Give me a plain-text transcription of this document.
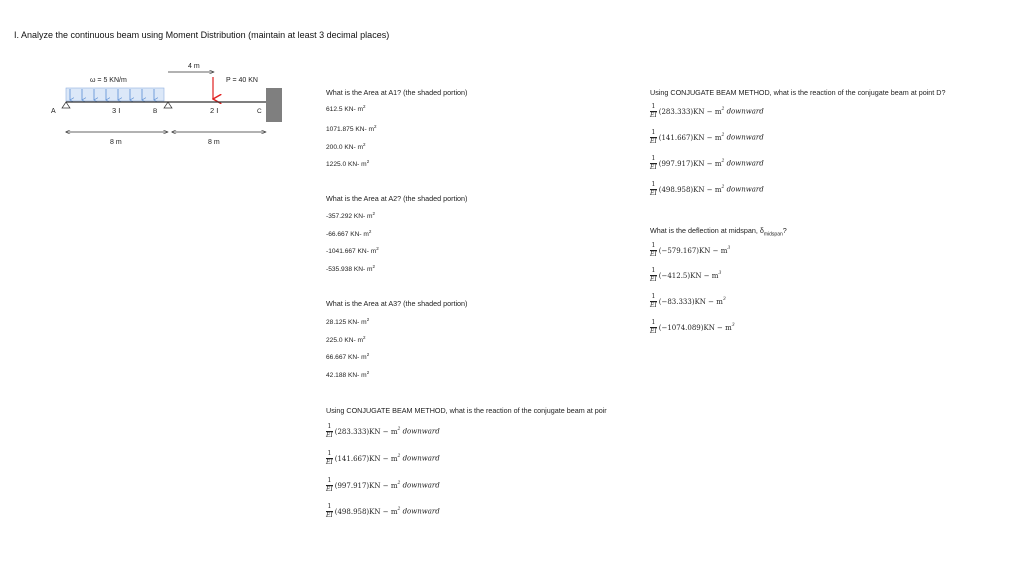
I. Analyze the continuous beam using Moment Distribution (maintain at least 3 decimal places)
ω = 5 KN/m
4 m
P = 40 KN
A	B	C
3 I	2 I
8 m	8 m
What is the Area at A1? (the shaded portion)
612.5 KN- $m^2$
1071.875 KN- $m^2$
200.0 KN- $m^2$
1225.0 KN- $m^2$
What is the Area at A2? (the shaded portion)
-357.292 KN- $m^2$
-66.667 KN- $m^2$
-1041.667 KN- $m^2$
-535.938 KN- $m^2$
What is the Area at A3? (the shaded portion)
28.125 KN- $m^2$
225.0 KN- $m^2$
66.667 KN- $m^2$
42.188 KN- $m^2$
Using CONJUGATE BEAM METHOD, what is the reaction of the conjugate beam at poir
1
EI (283.333)KN − m $^2$ downward
1
EI (141.667)KN − m $^2$ downward
1
EI (997.917)KN − m $^2$ downward
1
EI (498.958)KN − m $^2$ downward
Using CONJUGATE BEAM METHOD, what is the reaction of the conjugate beam at point D?
1
EI (283.333)KN − m $^2$ downward
1
EI (141.667)KN − m $^2$ downward
1
EI (997.917)KN − m $^2$ downward
1
EI (498.958)KN − m $^2$ downward
What is the deflection at midspan, $\delta_{midspan}$?
1
EI (−579.167)KN − m $^3$
1
EI (−412.5)KN − m $^3$
1
EI (−83.333)KN − m $^3$
1
EI (−1074.089)KN − m $^3$
